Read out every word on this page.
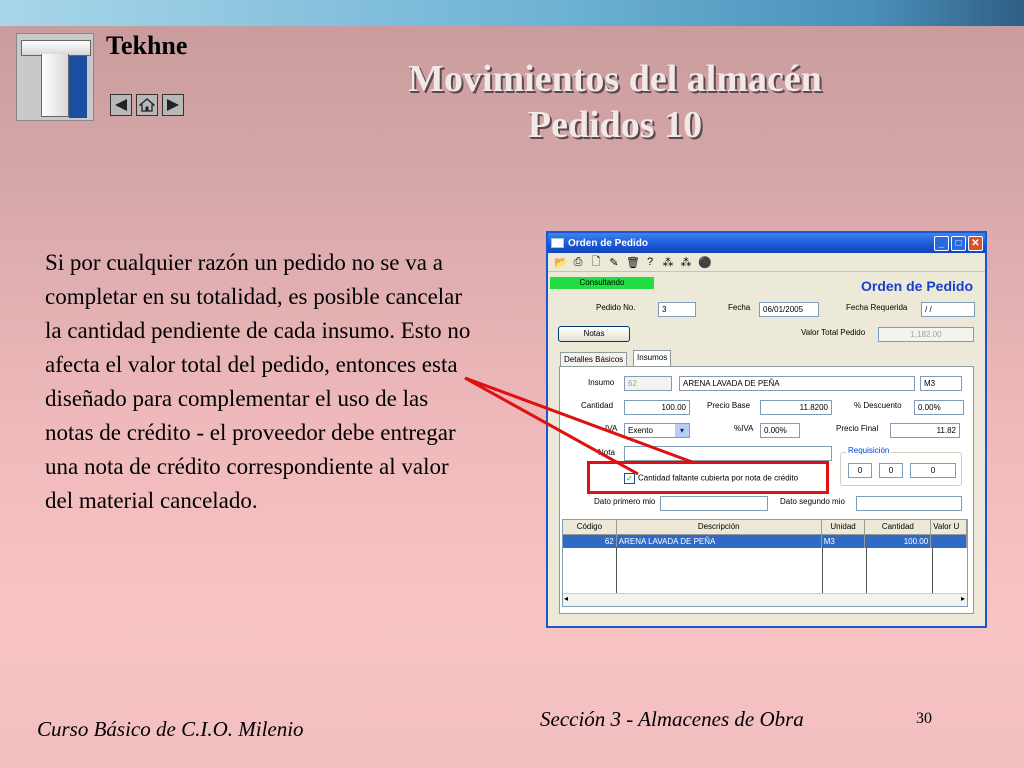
Tekhne
Movimientos del almacén
Pedidos 10
Si por cualquier razón un pedido no se va a completar en su totalidad, es posible cancelar la cantidad pendiente de cada insumo. Esto no afecta el valor total del pedido, entonces esta diseñado para complementar el uso de las notas de crédito - el proveedor debe entregar una nota de crédito correspondiente al valor del material cancelado.
Orden de Pedido	_	□ ✕
📂 ⎙ 🗋 ✎ 🗑 ? ⁂ ⁂ ⚫
Consultando	Orden de Pedido
Pedido No.	3	Fecha	06/01/2005	Fecha Requerida	/ /
Notas	Valor Total Pedido	1,182.00
Detalles Básicos	Insumos
Insumo	62	ARENA LAVADA DE PEÑA	M3
Cantidad	100.00	Precio Base	11.8200	% Descuento	0.00%
IVA	Exento	▾	%IVA	0.00%	Precio Final	11.82
Nota	Requisición
0	0	0
✓ Cantidad faltante cubierta por nota de crédito
Dato primero mio	Dato segundo mio
Código	Descripción	Unidad	Cantidad	Valor U
62 ARENA LAVADA DE PEÑA	M3	100.00
◂	▸
Curso Básico de C.I.O. Milenio	Sección 3 - Almacenes de Obra	30
